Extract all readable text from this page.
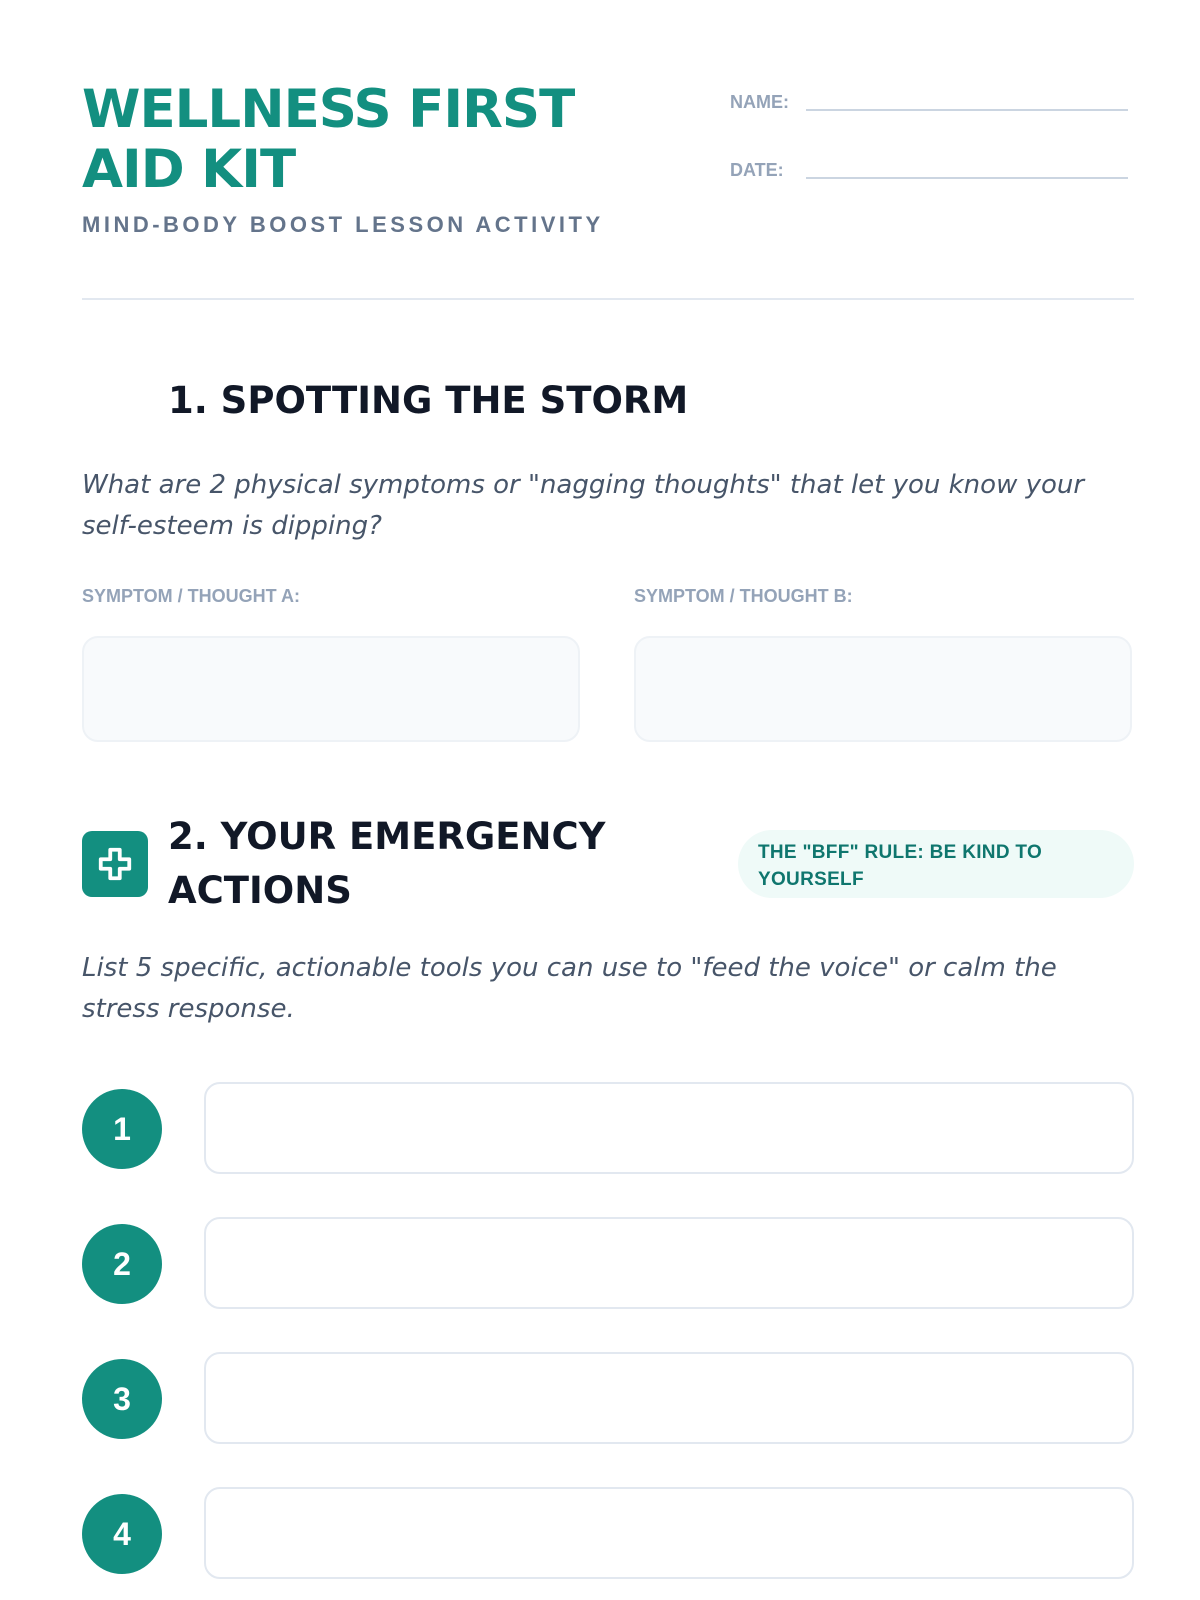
WELLNESS FIRST AID KIT
MIND-BODY BOOST LESSON ACTIVITY
NAME:
DATE:
1. SPOTTING THE STORM

What are 2 physical symptoms or "nagging thoughts" that let you know your self-esteem is dipping?

SYMPTOM / THOUGHT A:	SYMPTOM / THOUGHT B:
2. YOUR EMERGENCY ACTIONS
THE "BFF" RULE: BE KIND TO YOURSELF

List 5 specific, actionable tools you can use to "feed the voice" or calm the stress response.

1
2
3
4
